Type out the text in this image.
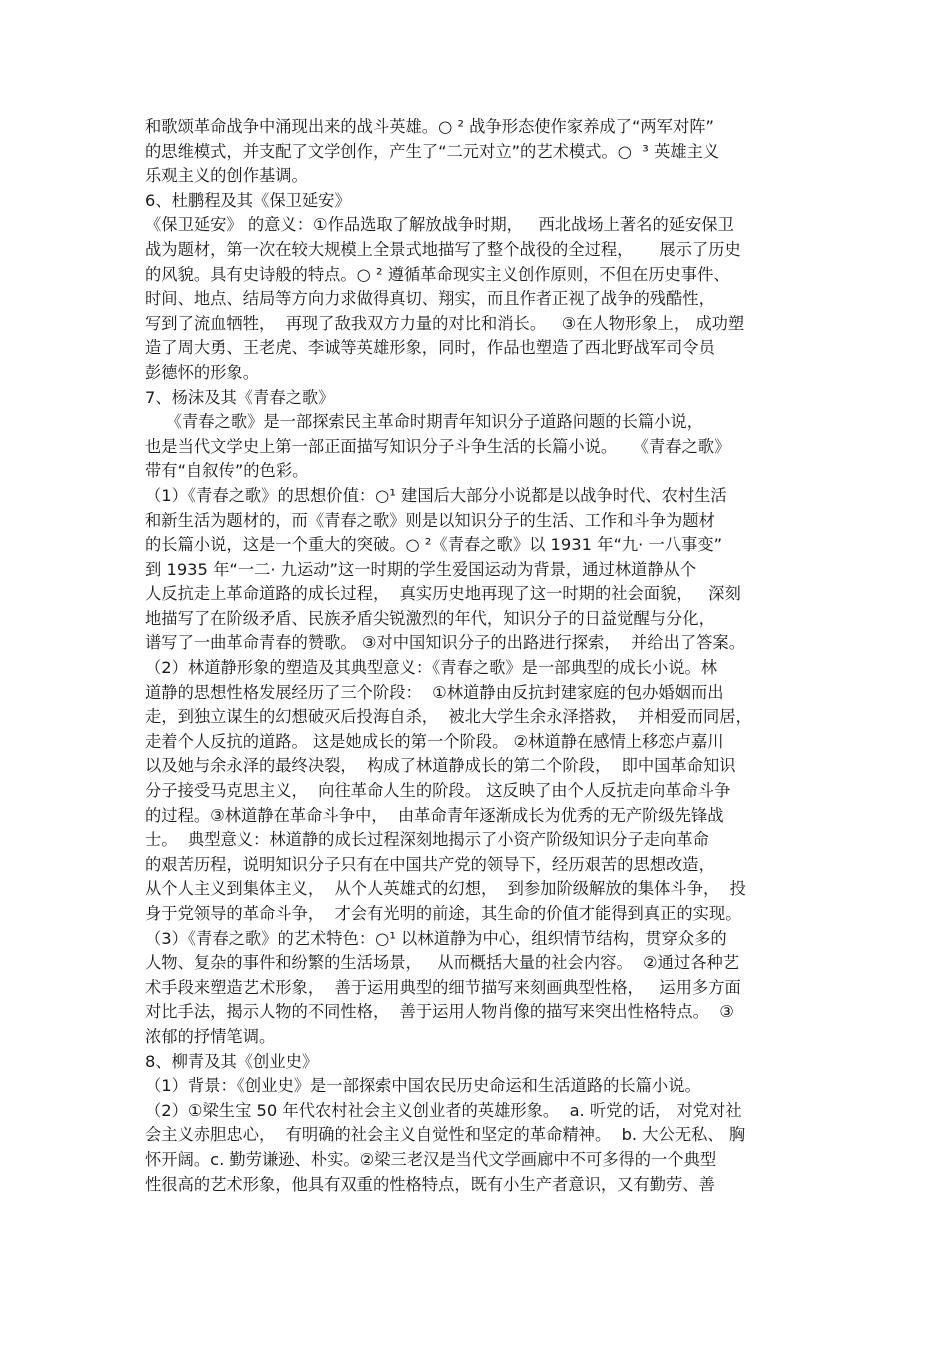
和歌颂革命战争中涌现出来的战斗英雄。○ ² 战争形态使作家养成了“两军对阵”
的思维模式，并支配了文学创作，产生了“二元对立”的艺术模式。○  ³ 英雄主义
乐观主义的创作基调。
6、杜鹏程及其《保卫延安》
《保卫延安》 的意义：①作品选取了解放战争时期，   西北战场上著名的延安保卫
战为题材，第一次在较大规模上全景式地描写了整个战役的全过程，     展示了历史
的风貌。具有史诗般的特点。○ ² 遵循革命现实主义创作原则，不但在历史事件、
时间、地点、结局等方向力求做得真切、翔实，而且作者正视了战争的残酷性，
写到了流血牺牲，  再现了敌我双方力量的对比和消长。   ③在人物形象上， 成功塑
造了周大勇、王老虎、李诚等英雄形象，同时，作品也塑造了西北野战军司令员
彭德怀的形象。
7、杨沫及其《青春之歌》
《青春之歌》是一部探索民主革命时期青年知识分子道路问题的长篇小说，
也是当代文学史上第一部正面描写知识分子斗争生活的长篇小说。   《青春之歌》
带有“自叙传”的色彩。
（1）《青春之歌》的思想价值：○¹ 建国后大部分小说都是以战争时代、农村生活
和新生活为题材的，而《青春之歌》则是以知识分子的生活、工作和斗争为题材
的长篇小说，这是一个重大的突破。○ ²《青春之歌》以 1931 年“九· 一八事变”
到 1935 年“一二· 九运动”这一时期的学生爱国运动为背景，通过林道静从个
人反抗走上革命道路的成长过程，  真实历史地再现了这一时期的社会面貌，   深刻
地描写了在阶级矛盾、民族矛盾尖锐激烈的年代，知识分子的日益觉醒与分化，
谱写了一曲革命青春的赞歌。 ③对中国知识分子的出路进行探索，  并给出了答案。
（2）林道静形象的塑造及其典型意义：《青春之歌》是一部典型的成长小说。林
道静的思想性格发展经历了三个阶段：  ①林道静由反抗封建家庭的包办婚姻而出
走，到独立谋生的幻想破灭后投海自杀，  被北大学生余永泽搭救，  并相爱而同居，
走着个人反抗的道路。 这是她成长的第一个阶段。 ②林道静在感情上移恋卢嘉川
以及她与余永泽的最终决裂，  构成了林道静成长的第二个阶段，  即中国革命知识
分子接受马克思主义，  向往革命人生的阶段。 这反映了由个人反抗走向革命斗争
的过程。③林道静在革命斗争中，  由革命青年逐渐成长为优秀的无产阶级先锋战
士。  典型意义：林道静的成长过程深刻地揭示了小资产阶级知识分子走向革命
的艰苦历程，说明知识分子只有在中国共产党的领导下，经历艰苦的思想改造，
从个人主义到集体主义，  从个人英雄式的幻想，  到参加阶级解放的集体斗争，  投
身于党领导的革命斗争，  才会有光明的前途，其生命的价值才能得到真正的实现。
（3）《青春之歌》的艺术特色：○¹ 以林道静为中心，组织情节结构，贯穿众多的
人物、复杂的事件和纷繁的生活场景，   从而概括大量的社会内容。  ②通过各种艺
术手段来塑造艺术形象，  善于运用典型的细节描写来刻画典型性格，   运用多方面
对比手法，揭示人物的不同性格，  善于运用人物肖像的描写来突出性格特点。  ③
浓郁的抒情笔调。
8、柳青及其《创业史》
（1）背景：《创业史》是一部探索中国农民历史命运和生活道路的长篇小说。
（2）①梁生宝 50 年代农村社会主义创业者的英雄形象。  a. 听党的话， 对党对社
会主义赤胆忠心，  有明确的社会主义自觉性和坚定的革命精神。  b. 大公无私、 胸
怀开阔。c. 勤劳谦逊、朴实。②梁三老汉是当代文学画廊中不可多得的一个典型
性很高的艺术形象，他具有双重的性格特点，既有小生产者意识，又有勤劳、善
